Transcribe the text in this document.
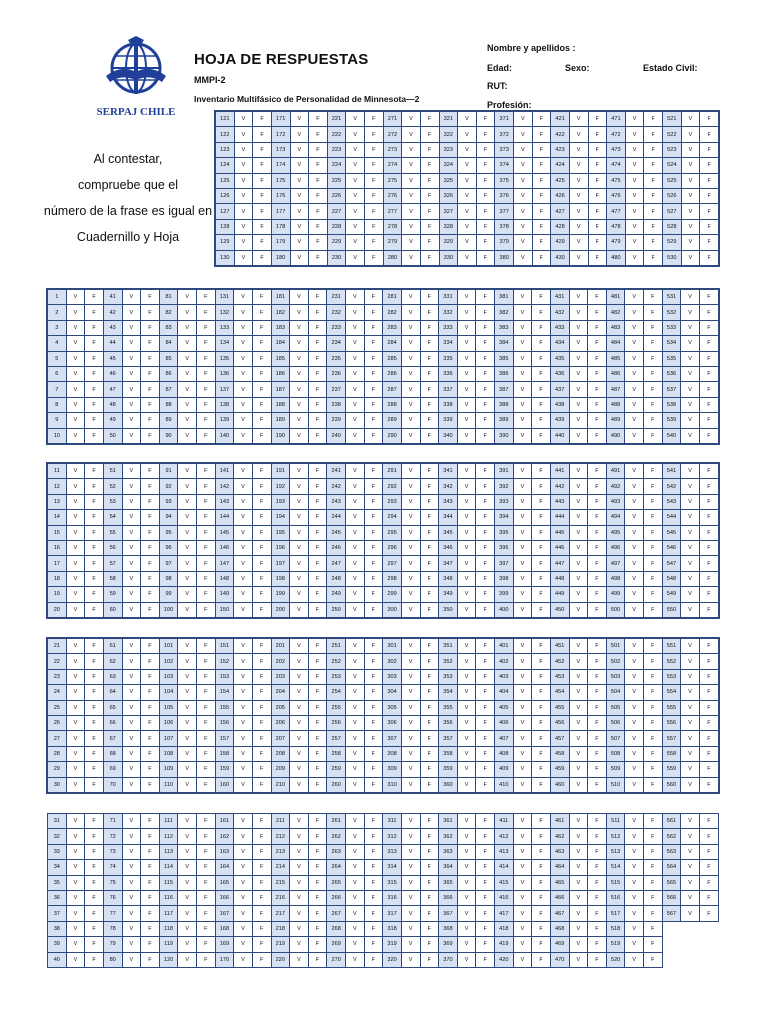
SERPAJ CHILE
HOJA DE RESPUESTAS
MMPI-2
Inventario Multifásico de Personalidad de Minnesota—2
Nombre y apellidos :
Edad:	Sexo:	Estado Civil:
RUT:
Profesión:
Al contestar,
compruebe que el
número de la frase es igual en
Cuadernillo y Hoja
121	V	F	171	V	F	221	V	F	271	V	F	321	V	F	371	V	F	421	V	F	471	V	F	521	V	F
122	V	F	172	V	F	222	V	F	272	V	F	322	V	F	372	V	F	422	V	F	472	V	F	522	V	F
123	V	F	173	V	F	223	V	F	273	V	F	323	V	F	373	V	F	423	V	F	473	V	F	523	V	F
124	V	F	174	V	F	224	V	F	274	V	F	324	V	F	374	V	F	424	V	F	474	V	F	524	V	F
125	V	F	175	V	F	225	V	F	275	V	F	325	V	F	375	V	F	425	V	F	475	V	F	525	V	F
126	V	F	176	V	F	226	V	F	276	V	F	326	V	F	376	V	F	426	V	F	476	V	F	526	V	F
127	V	F	177	V	F	227	V	F	277	V	F	327	V	F	377	V	F	427	V	F	477	V	F	527	V	F
128	V	F	178	V	F	228	V	F	278	V	F	328	V	F	378	V	F	428	V	F	478	V	F	528	V	F
129	V	F	179	V	F	229	V	F	279	V	F	329	V	F	379	V	F	429	V	F	479	V	F	529	V	F
130	V	F	180	V	F	230	V	F	280	V	F	330	V	F	380	V	F	430	V	F	480	V	F	530	V	F
1	V	F	41	V	F	81	V	F	131	V	F	181	V	F	231	V	F	281	V	F	331	V	F	381	V	F	431	V	F	481	V	F	531	V	F
2	V	F	42	V	F	82	V	F	132	V	F	182	V	F	232	V	F	282	V	F	332	V	F	382	V	F	432	V	F	482	V	F	532	V	F
3	V	F	43	V	F	83	V	F	133	V	F	183	V	F	233	V	F	283	V	F	333	V	F	383	V	F	433	V	F	483	V	F	533	V	F
4	V	F	44	V	F	84	V	F	134	V	F	184	V	F	234	V	F	284	V	F	334	V	F	384	V	F	434	V	F	484	V	F	534	V	F
5	V	F	45	V	F	85	V	F	135	V	F	185	V	F	235	V	F	285	V	F	335	V	F	385	V	F	435	V	F	485	V	F	535	V	F
6	V	F	46	V	F	86	V	F	136	V	F	186	V	F	236	V	F	286	V	F	336	V	F	386	V	F	436	V	F	486	V	F	536	V	F
7	V	F	47	V	F	87	V	F	137	V	F	187	V	F	237	V	F	287	V	F	337	V	F	387	V	F	437	V	F	487	V	F	537	V	F
8	V	F	48	V	F	88	V	F	138	V	F	188	V	F	238	V	F	288	V	F	338	V	F	388	V	F	438	V	F	488	V	F	538	V	F
9	V	F	49	V	F	89	V	F	139	V	F	189	V	F	239	V	F	289	V	F	339	V	F	389	V	F	439	V	F	489	V	F	539	V	F
10	V	F	50	V	F	90	V	F	140	V	F	190	V	F	240	V	F	290	V	F	340	V	F	390	V	F	440	V	F	490	V	F	540	V	F
11	V	F	51	V	F	91	V	F	141	V	F	191	V	F	241	V	F	291	V	F	341	V	F	391	V	F	441	V	F	491	V	F	541	V	F
12	V	F	52	V	F	92	V	F	142	V	F	192	V	F	242	V	F	292	V	F	342	V	F	392	V	F	442	V	F	492	V	F	542	V	F
13	V	F	53	V	F	93	V	F	143	V	F	193	V	F	243	V	F	293	V	F	343	V	F	393	V	F	443	V	F	493	V	F	543	V	F
14	V	F	54	V	F	94	V	F	144	V	F	194	V	F	244	V	F	294	V	F	344	V	F	394	V	F	444	V	F	494	V	F	544	V	F
15	V	F	55	V	F	95	V	F	145	V	F	195	V	F	245	V	F	295	V	F	345	V	F	395	V	F	445	V	F	495	V	F	545	V	F
16	V	F	56	V	F	96	V	F	146	V	F	196	V	F	246	V	F	296	V	F	346	V	F	396	V	F	446	V	F	496	V	F	546	V	F
17	V	F	57	V	F	97	V	F	147	V	F	197	V	F	247	V	F	297	V	F	347	V	F	397	V	F	447	V	F	497	V	F	547	V	F
18	V	F	58	V	F	98	V	F	148	V	F	198	V	F	248	V	F	298	V	F	348	V	F	398	V	F	448	V	F	498	V	F	548	V	F
19	V	F	59	V	F	99	V	F	149	V	F	199	V	F	249	V	F	299	V	F	349	V	F	399	V	F	449	V	F	499	V	F	549	V	F
20	V	F	60	V	F	100	V	F	150	V	F	200	V	F	250	V	F	300	V	F	350	V	F	400	V	F	450	V	F	500	V	F	550	V	F
21	V	F	61	V	F	101	V	F	151	V	F	201	V	F	251	V	F	301	V	F	351	V	F	401	V	F	451	V	F	501	V	F	551	V	F
22	V	F	62	V	F	102	V	F	152	V	F	202	V	F	252	V	F	302	V	F	352	V	F	402	V	F	452	V	F	502	V	F	552	V	F
23	V	F	63	V	F	103	V	F	153	V	F	203	V	F	253	V	F	303	V	F	353	V	F	403	V	F	453	V	F	503	V	F	553	V	F
24	V	F	64	V	F	104	V	F	154	V	F	204	V	F	254	V	F	304	V	F	354	V	F	404	V	F	454	V	F	504	V	F	554	V	F
25	V	F	65	V	F	105	V	F	155	V	F	205	V	F	255	V	F	305	V	F	355	V	F	405	V	F	455	V	F	505	V	F	555	V	F
26	V	F	66	V	F	106	V	F	156	V	F	206	V	F	256	V	F	306	V	F	356	V	F	406	V	F	456	V	F	506	V	F	556	V	F
27	V	F	67	V	F	107	V	F	157	V	F	207	V	F	257	V	F	307	V	F	357	V	F	407	V	F	457	V	F	507	V	F	557	V	F
28	V	F	68	V	F	108	V	F	158	V	F	208	V	F	258	V	F	308	V	F	358	V	F	408	V	F	458	V	F	508	V	F	558	V	F
29	V	F	69	V	F	109	V	F	159	V	F	209	V	F	259	V	F	309	V	F	359	V	F	409	V	F	459	V	F	509	V	F	559	V	F
30	V	F	70	V	F	110	V	F	160	V	F	210	V	F	260	V	F	310	V	F	360	V	F	410	V	F	460	V	F	510	V	F	560	V	F
31	V	F	71	V	F	111	V	F	161	V	F	211	V	F	261	V	F	311	V	F	361	V	F	411	V	F	461	V	F	511	V	F	561	V	F
32	V	F	72	V	F	112	V	F	162	V	F	212	V	F	262	V	F	312	V	F	362	V	F	412	V	F	462	V	F	512	V	F	562	V	F
33	V	F	73	V	F	113	V	F	163	V	F	213	V	F	263	V	F	313	V	F	363	V	F	413	V	F	463	V	F	513	V	F	563	V	F
34	V	F	74	V	F	114	V	F	164	V	F	214	V	F	264	V	F	314	V	F	364	V	F	414	V	F	464	V	F	514	V	F	564	V	F
35	V	F	75	V	F	115	V	F	165	V	F	215	V	F	265	V	F	315	V	F	365	V	F	415	V	F	465	V	F	515	V	F	565	V	F
36	V	F	76	V	F	116	V	F	166	V	F	216	V	F	266	V	F	316	V	F	366	V	F	416	V	F	466	V	F	516	V	F	566	V	F
37	V	F	77	V	F	117	V	F	167	V	F	217	V	F	267	V	F	317	V	F	367	V	F	417	V	F	467	V	F	517	V	F	567	V	F
38	V	F	78	V	F	118	V	F	168	V	F	218	V	F	268	V	F	318	V	F	368	V	F	418	V	F	468	V	F	518	V	F			
39	V	F	79	V	F	119	V	F	169	V	F	219	V	F	269	V	F	319	V	F	369	V	F	419	V	F	469	V	F	519	V	F			
40	V	F	80	V	F	120	V	F	170	V	F	220	V	F	270	V	F	320	V	F	370	V	F	420	V	F	470	V	F	520	V	F			
